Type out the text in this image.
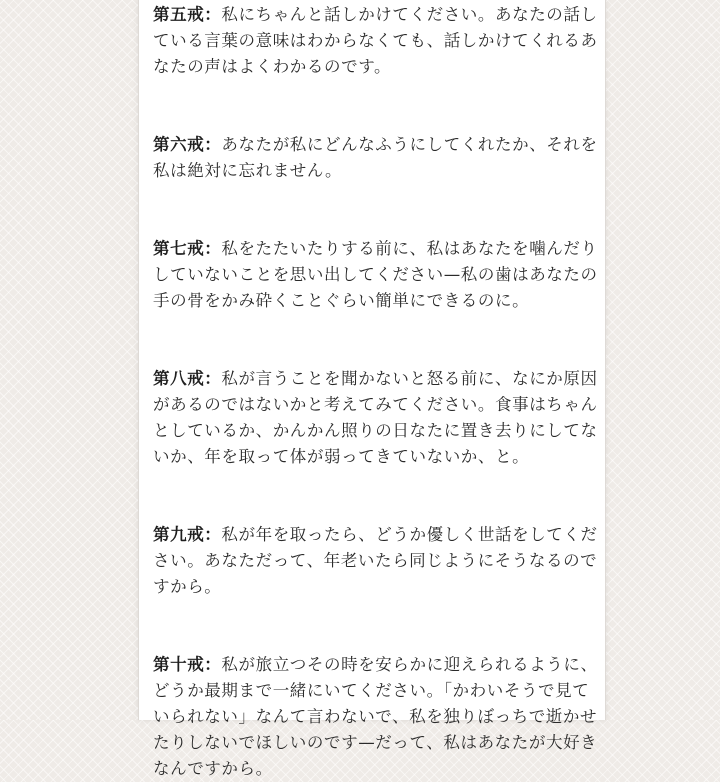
第五戒：私にちゃんと話しかけてください。あなたの話している言葉の意味はわからなくても、話しかけてくれるあなたの声はよくわかるのです。

第六戒：あなたが私にどんなふうにしてくれたか、それを私は絶対に忘れません。

第七戒：私をたたいたりする前に、私はあなたを噛んだりしていないことを思い出してください—私の歯はあなたの手の骨をかみ砕くことぐらい簡単にできるのに。

第八戒：私が言うことを聞かないと怒る前に、なにか原因があるのではないかと考えてみてください。食事はちゃんとしているか、かんかん照りの日なたに置き去りにしてないか、年を取って体が弱ってきていないか、と。

第九戒：私が年を取ったら、どうか優しく世話をしてください。あなただって、年老いたら同じようにそうなるのですから。

第十戒：私が旅立つその時を安らかに迎えられるように、どうか最期まで一緒にいてください。「かわいそうで見ていられない」なんて言わないで、私を独りぼっちで逝かせたりしないでほしいのです—だって、私はあなたが大好きなんですから。
